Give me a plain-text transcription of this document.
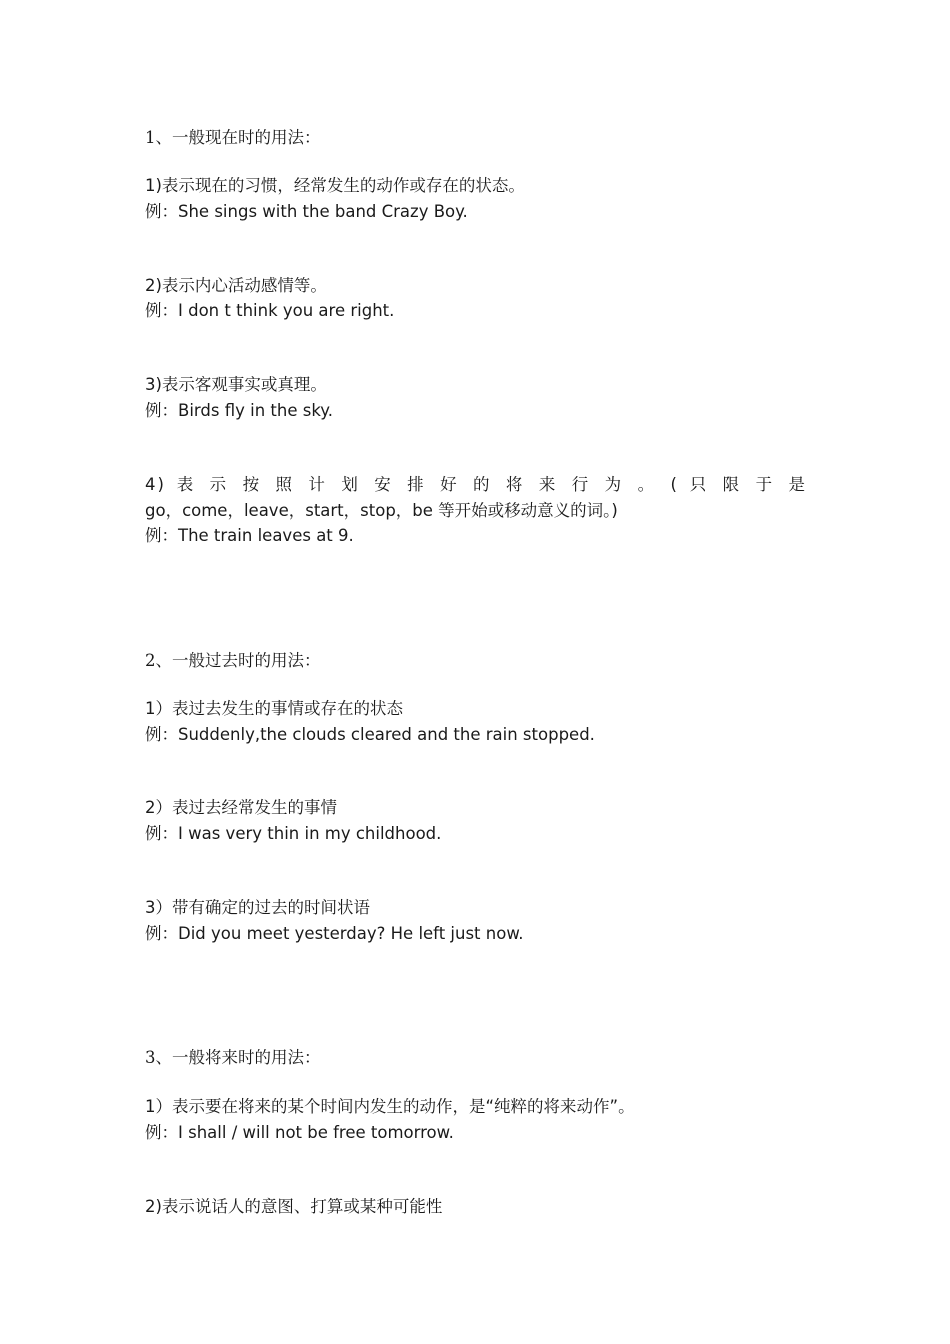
1、一般现在时的用法：
1)表示现在的习惯，经常发生的动作或存在的状态。
例：She sings with the band Crazy Boy.
2)表示内心活动感情等。
例：I don t think you are right.
3)表示客观事实或真理。
例：Birds fly in the sky.
4) 表 示 按 照 计 划 安 排 好 的 将 来 行 为 。 ( 只 限 于 是
go，come，leave，start，stop，be 等开始或移动意义的词。)
例：The train leaves at 9.
2、一般过去时的用法：
1）表过去发生的事情或存在的状态
例：Suddenly,the clouds cleared and the rain stopped.
2）表过去经常发生的事情
例：I was very thin in my childhood.
3）带有确定的过去的时间状语
例：Did you meet yesterday? He left just now.
3、一般将来时的用法：
1）表示要在将来的某个时间内发生的动作，是“纯粹的将来动作”。
例：I shall / will not be free tomorrow.
2)表示说话人的意图、打算或某种可能性
